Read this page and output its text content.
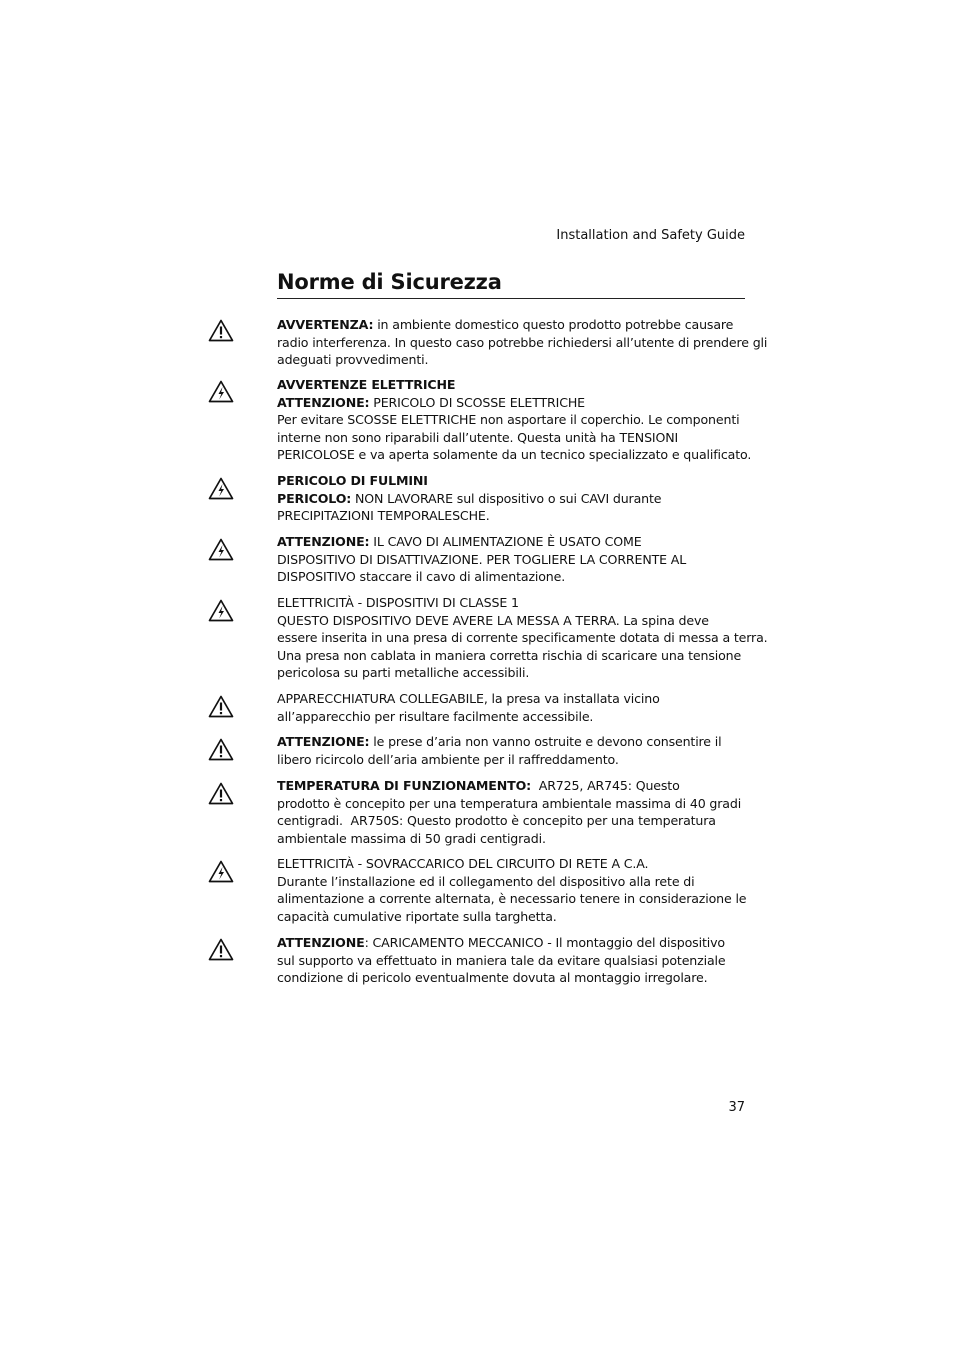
Installation and Safety Guide
Norme di Sicurezza
AVVERTENZA: in ambiente domestico questo prodotto potrebbe causare
radio interferenza. In questo caso potrebbe richiedersi all’utente di prendere gli
adeguati provvedimenti.
AVVERTENZE ELETTRICHE
ATTENZIONE: PERICOLO DI SCOSSE ELETTRICHE
Per evitare SCOSSE ELETTRICHE non asportare il coperchio. Le componenti
interne non sono riparabili dall’utente. Questa unità ha TENSIONI
PERICOLOSE e va aperta solamente da un tecnico specializzato e qualificato.
PERICOLO DI FULMINI
PERICOLO: NON LAVORARE sul dispositivo o sui CAVI durante
PRECIPITAZIONI TEMPORALESCHE.
ATTENZIONE: IL CAVO DI ALIMENTAZIONE È USATO COME
DISPOSITIVO DI DISATTIVAZIONE. PER TOGLIERE LA CORRENTE AL
DISPOSITIVO staccare il cavo di alimentazione.
ELETTRICITÀ - DISPOSITIVI DI CLASSE 1
QUESTO DISPOSITIVO DEVE AVERE LA MESSA A TERRA. La spina deve
essere inserita in una presa di corrente specificamente dotata di messa a terra.
Una presa non cablata in maniera corretta rischia di scaricare una tensione
pericolosa su parti metalliche accessibili.
APPARECCHIATURA COLLEGABILE, la presa va installata vicino
all’apparecchio per risultare facilmente accessibile.
ATTENZIONE: le prese d’aria non vanno ostruite e devono consentire il
libero ricircolo dell’aria ambiente per il raffreddamento.
TEMPERATURA DI FUNZIONAMENTO:  AR725, AR745: Questo
prodotto è concepito per una temperatura ambientale massima di 40 gradi
centigradi.  AR750S: Questo prodotto è concepito per una temperatura
ambientale massima di 50 gradi centigradi.
ELETTRICITÀ - SOVRACCARICO DEL CIRCUITO DI RETE A C.A.
Durante l’installazione ed il collegamento del dispositivo alla rete di
alimentazione a corrente alternata, è necessario tenere in considerazione le
capacità cumulative riportate sulla targhetta.
ATTENZIONE: CARICAMENTO MECCANICO - Il montaggio del dispositivo
sul supporto va effettuato in maniera tale da evitare qualsiasi potenziale
condizione di pericolo eventualmente dovuta al montaggio irregolare.
37
